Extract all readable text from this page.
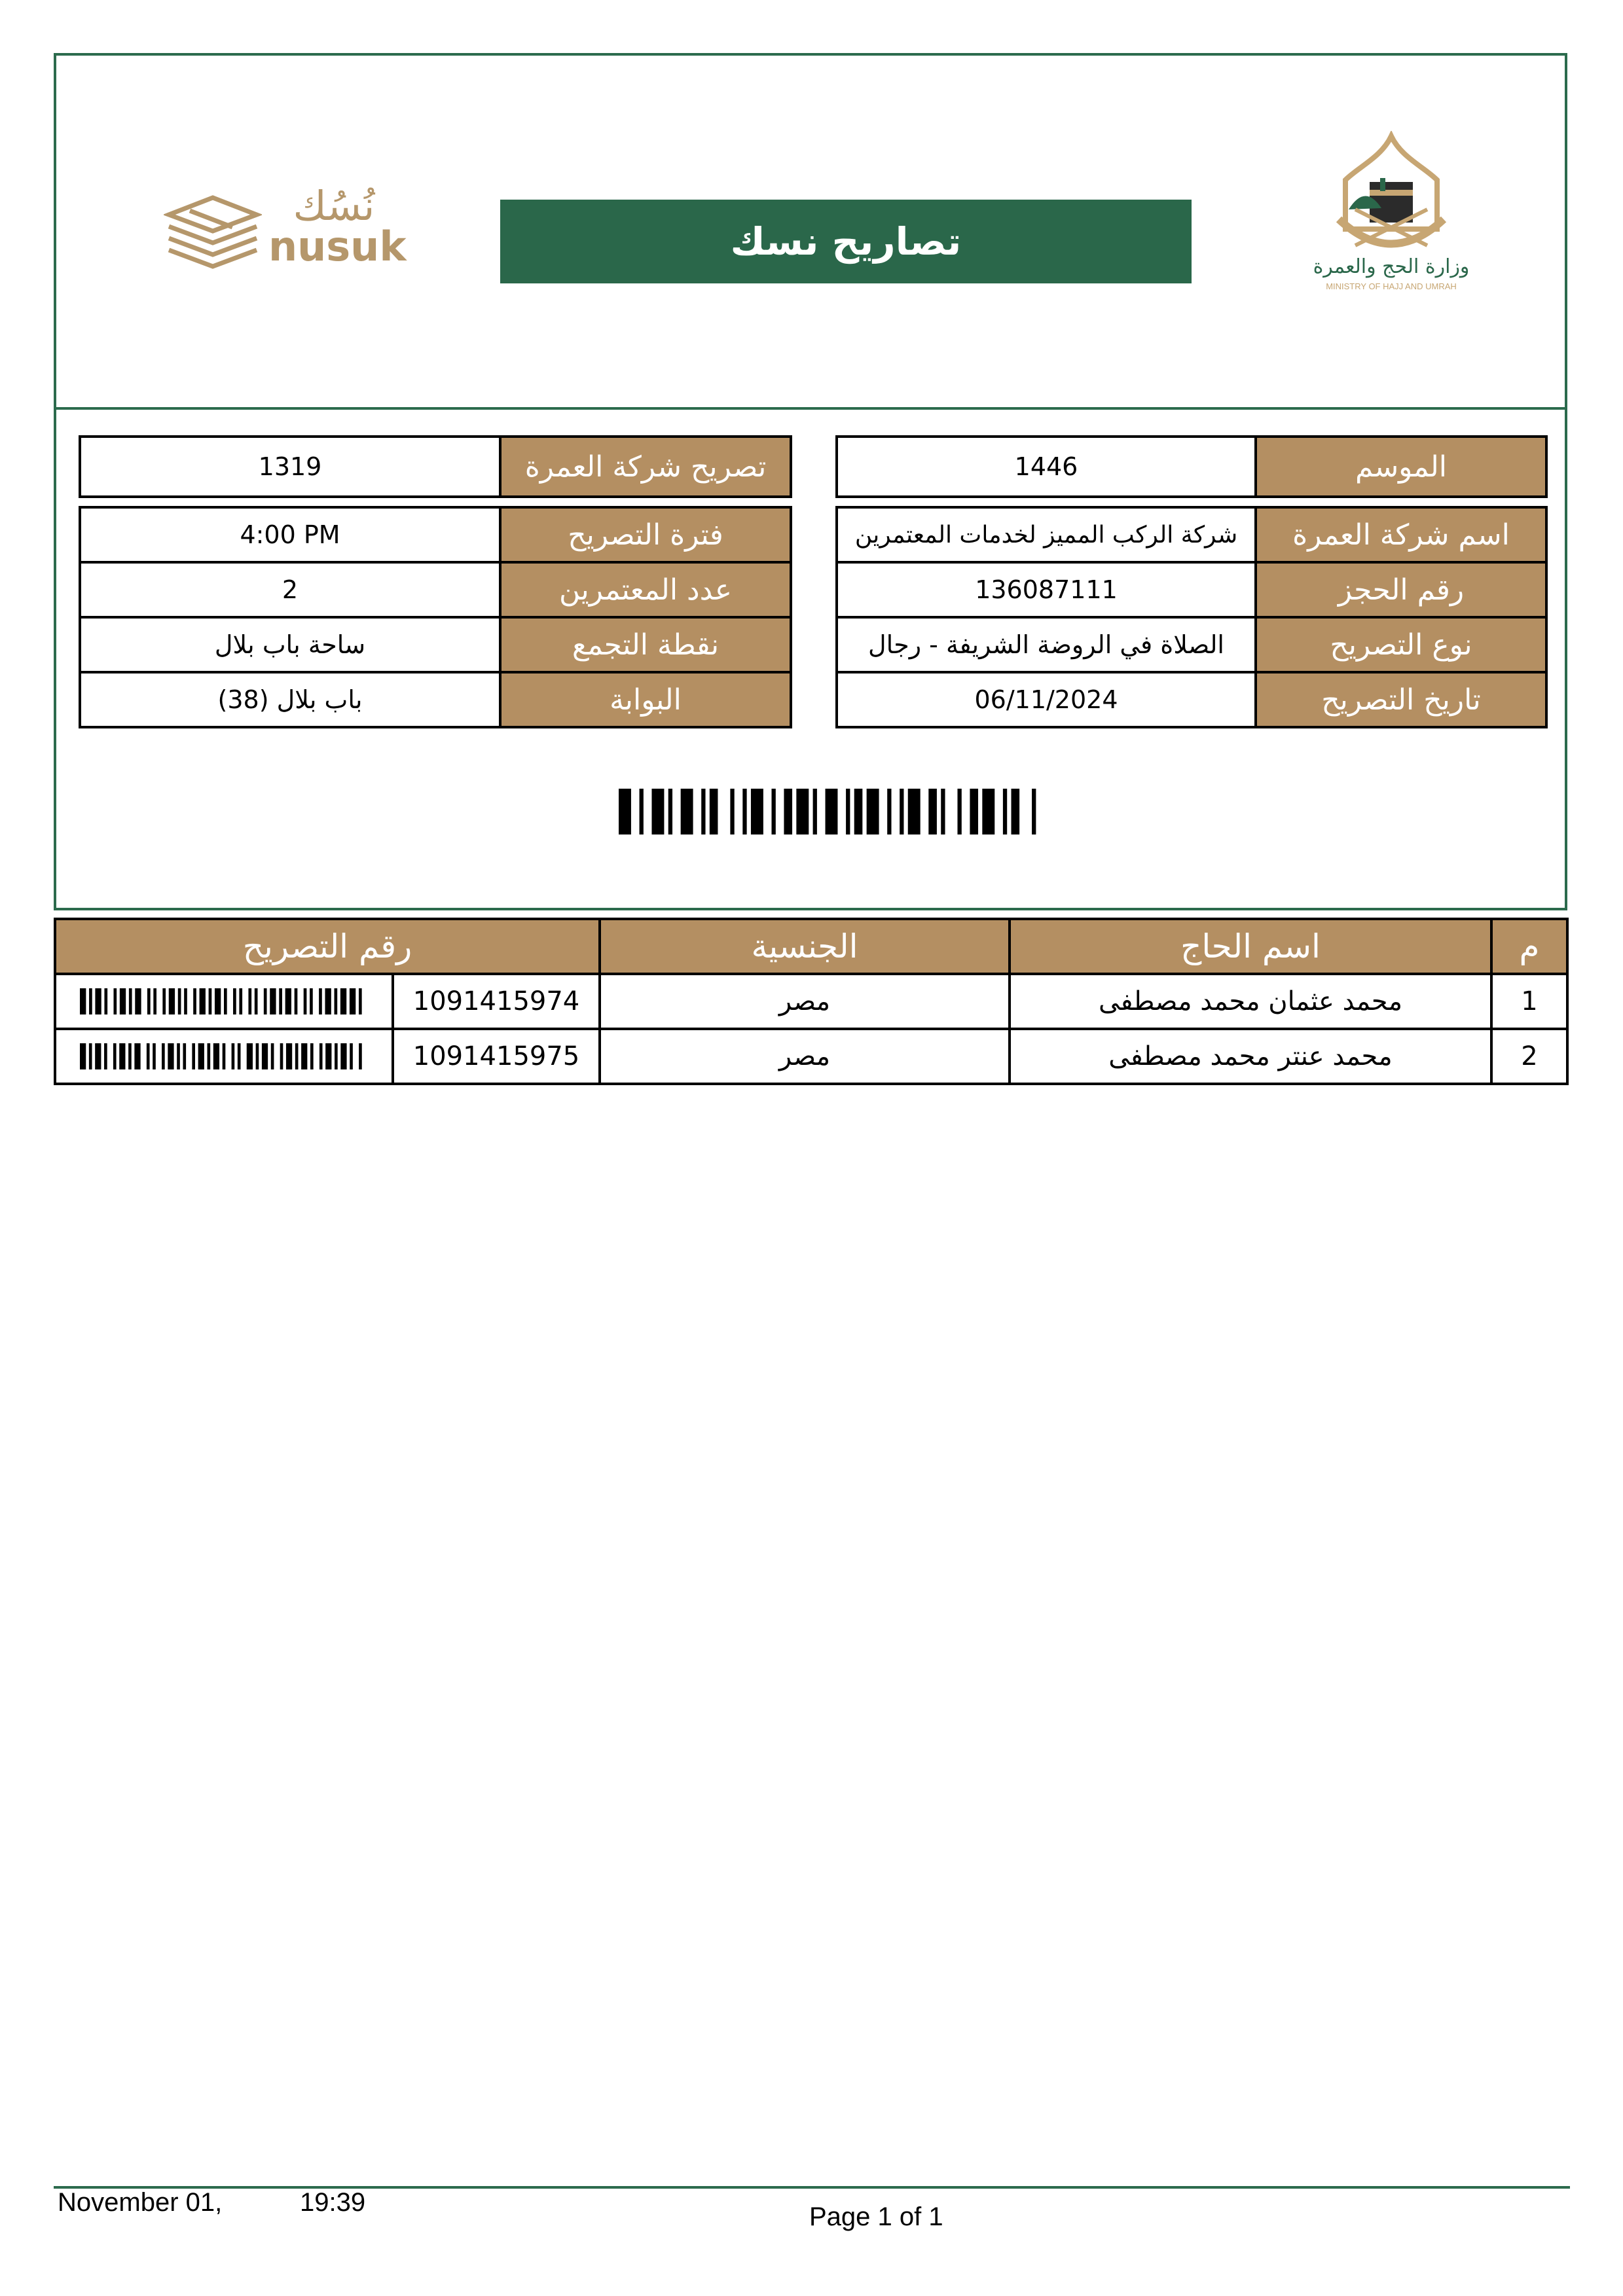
وزارة الحج والعمرة
MINISTRY OF HAJJ AND UMRAH
تصاريح نسك
نُسُك
nusuk
الموسم
1446
اسم شركة العمرة
شركة الركب المميز لخدمات المعتمرين
رقم الحجز
136087111
نوع التصريح
الصلاة في الروضة الشريفة - رجال
تاريخ التصريح
06/11/2024
تصريح شركة العمرة
1319
فترة التصريح
4:00 PM
عدد المعتمرين
2
نقطة التجمع
ساحة باب بلال
البوابة
باب بلال (38)
م
اسم الحاج
الجنسية
رقم التصريح
1
محمد عثمان محمد مصطفى
مصر
1091415974
2
محمد عنتر محمد مصطفى
مصر
1091415975
November 01,	19:39	Page 1 of 1
